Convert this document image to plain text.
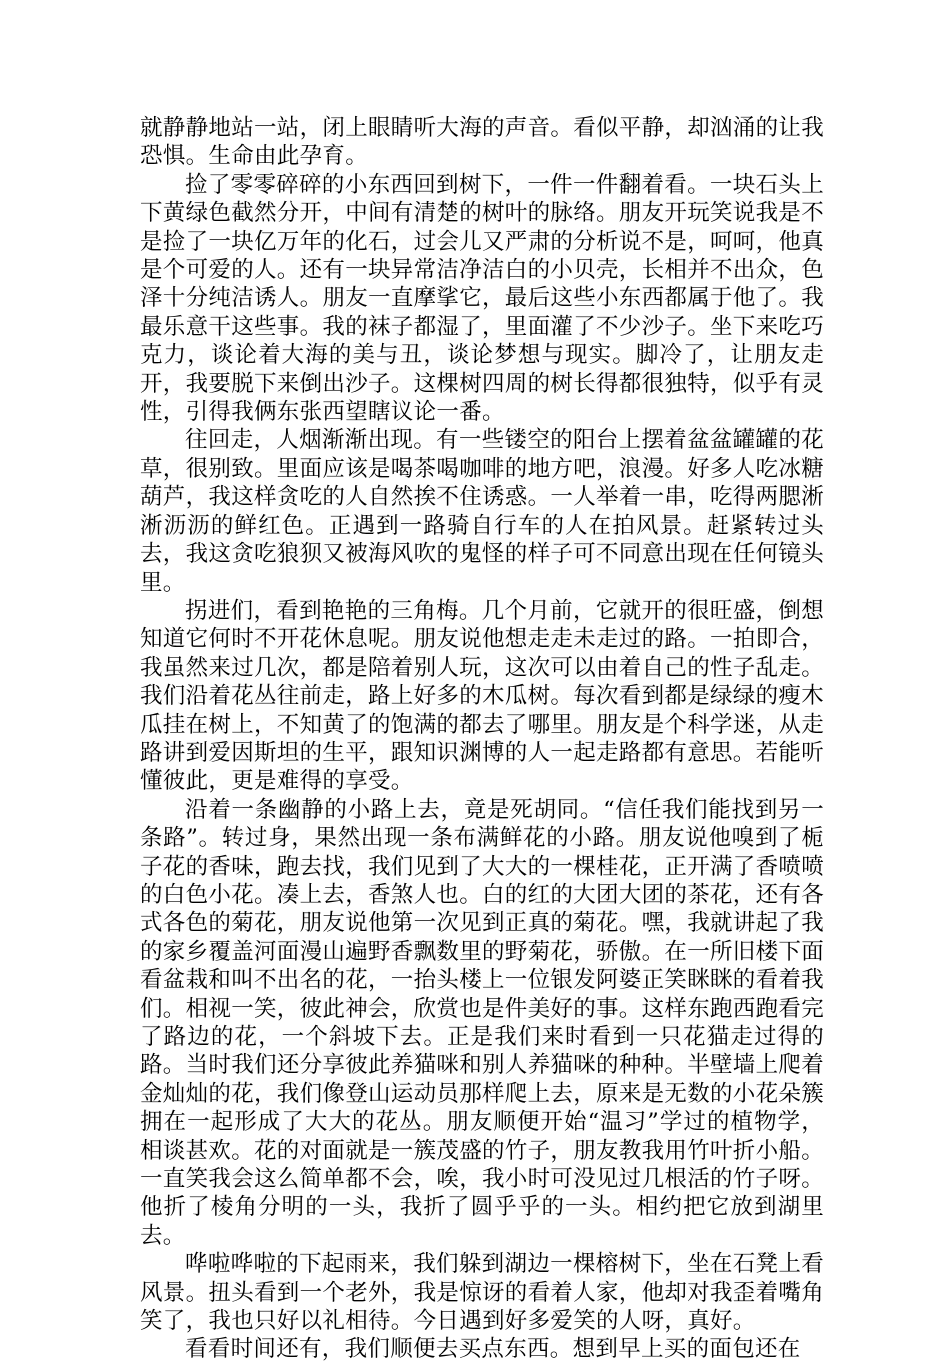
就静静地站一站，闭上眼睛听大海的声音。看似平静，却汹涌的让我恐惧。生命由此孕育。

捡了零零碎碎的小东西回到树下，一件一件翻着看。一块石头上下黄绿色截然分开，中间有清楚的树叶的脉络。朋友开玩笑说我是不是捡了一块亿万年的化石，过会儿又严肃的分析说不是，呵呵，他真是个可爱的人。还有一块异常洁净洁白的小贝壳，长相并不出众，色泽十分纯洁诱人。朋友一直摩挲它，最后这些小东西都属于他了。我最乐意干这些事。我的袜子都湿了，里面灌了不少沙子。坐下来吃巧克力，谈论着大海的美与丑，谈论梦想与现实。脚冷了，让朋友走开，我要脱下来倒出沙子。这棵树四周的树长得都很独特，似乎有灵性，引得我俩东张西望瞎议论一番。

往回走，人烟渐渐出现。有一些镂空的阳台上摆着盆盆罐罐的花草，很别致。里面应该是喝茶喝咖啡的地方吧，浪漫。好多人吃冰糖葫芦，我这样贪吃的人自然挨不住诱惑。一人举着一串，吃得两腮淅淅沥沥的鲜红色。正遇到一路骑自行车的人在拍风景。赶紧转过头去，我这贪吃狼狈又被海风吹的鬼怪的样子可不同意出现在任何镜头里。

拐进们，看到艳艳的三角梅。几个月前，它就开的很旺盛，倒想知道它何时不开花休息呢。朋友说他想走走未走过的路。一拍即合，我虽然来过几次，都是陪着别人玩，这次可以由着自己的性子乱走。我们沿着花丛往前走，路上好多的木瓜树。每次看到都是绿绿的瘦木瓜挂在树上，不知黄了的饱满的都去了哪里。朋友是个科学迷，从走路讲到爱因斯坦的生平，跟知识渊博的人一起走路都有意思。若能听懂彼此，更是难得的享受。

沿着一条幽静的小路上去，竟是死胡同。“信任我们能找到另一条路”。转过身，果然出现一条布满鲜花的小路。朋友说他嗅到了栀子花的香味，跑去找，我们见到了大大的一棵桂花，正开满了香喷喷的白色小花。凑上去，香煞人也。白的红的大团大团的茶花，还有各式各色的菊花，朋友说他第一次见到正真的菊花。嘿，我就讲起了我的家乡覆盖河面漫山遍野香飘数里的野菊花，骄傲。在一所旧楼下面看盆栽和叫不出名的花，一抬头楼上一位银发阿婆正笑眯眯的看着我们。相视一笑，彼此神会，欣赏也是件美好的事。这样东跑西跑看完了路边的花，一个斜坡下去。正是我们来时看到一只花猫走过得的路。当时我们还分享彼此养猫咪和别人养猫咪的种种。半壁墙上爬着金灿灿的花，我们像登山运动员那样爬上去，原来是无数的小花朵簇拥在一起形成了大大的花丛。朋友顺便开始“温习”学过的植物学，相谈甚欢。花的对面就是一簇茂盛的竹子，朋友教我用竹叶折小船。一直笑我会这么简单都不会，唉，我小时可没见过几根活的竹子呀。他折了棱角分明的一头，我折了圆乎乎的一头。相约把它放到湖里去。

哗啦哗啦的下起雨来，我们躲到湖边一棵榕树下，坐在石凳上看风景。扭头看到一个老外，我是惊讶的看着人家，他却对我歪着嘴角笑了，我也只好以礼相待。今日遇到好多爱笑的人呀，真好。

看看时间还有，我们顺便去买点东西。想到早上买的面包还在
